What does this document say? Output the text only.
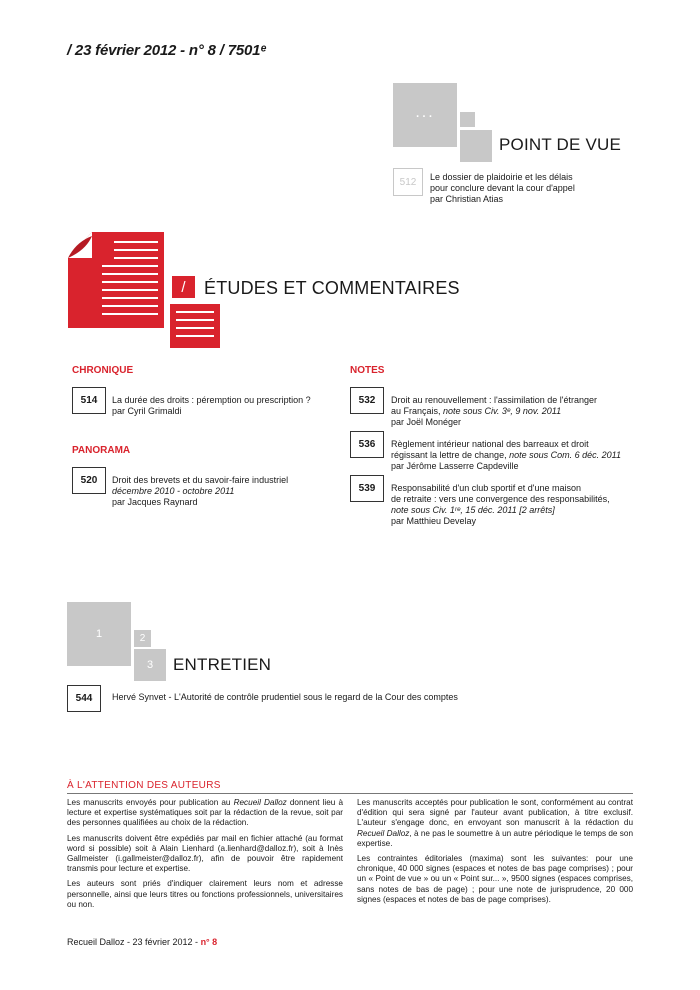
/ 23 février 2012 - n° 8 / 7501ᵉ
...
POINT DE VUE
512	Le dossier de plaidoirie et les délais
pour conclure devant la cour d'appel
par Christian Atias
/	ÉTUDES ET COMMENTAIRES
CHRONIQUE
514	La durée des droits : péremption ou prescription ?
par Cyril Grimaldi
PANORAMA
520	Droit des brevets et du savoir-faire industriel
décembre 2010 - octobre 2011
par Jacques Raynard
NOTES
532	Droit au renouvellement : l'assimilation de l'étranger
au Français, note sous Civ. 3ᵉ, 9 nov. 2011
par Joël Monéger
536	Règlement intérieur national des barreaux et droit
régissant la lettre de change, note sous Com. 6 déc. 2011
par Jérôme Lasserre Capdeville
539	Responsabilité d'un club sportif et d'une maison
de retraite : vers une convergence des responsabilités,
note sous Civ. 1ʳᵉ, 15 déc. 2011 [2 arrêts]
par Matthieu Develay
1	2
3 ENTRETIEN
544	Hervé Synvet - L'Autorité de contrôle prudentiel sous le regard de la Cour des comptes
À L'ATTENTION DES AUTEURS

Les manuscrits envoyés pour publication au Recueil Dalloz donnent lieu à lecture et expertise systématiques soit par la rédaction de la revue, soit par des personnes qualifiées au choix de la rédaction.

Les manuscrits doivent être expédiés par mail en fichier attaché (au format word si possible) soit à Alain Lienhard (a.lienhard@dalloz.fr), soit à Inès Gallmeister (i.gallmeister@dalloz.fr), afin de pouvoir être rapidement transmis pour lecture et expertise.

Les auteurs sont priés d'indiquer clairement leurs nom et adresse personnelle, ainsi que leurs titres ou fonctions professionnels, universitaires ou non.

Les manuscrits acceptés pour publication le sont, conformément au contrat d'édition qui sera signé par l'auteur avant publication, à titre exclusif. L'auteur s'engage donc, en envoyant son manuscrit à la rédaction du Recueil Dalloz, à ne pas le soumettre à un autre périodique le temps de son expertise.

Les contraintes éditoriales (maxima) sont les suivantes: pour une chronique, 40 000 signes (espaces et notes de bas page comprises) ; pour un « Point de vue » ou un « Point sur... », 9500 signes (espaces comprises, sans notes de bas de page) ; pour une note de jurisprudence, 20 000 signes (espaces et notes de bas de page comprises).

Recueil Dalloz - 23 février 2012 - n° 8
